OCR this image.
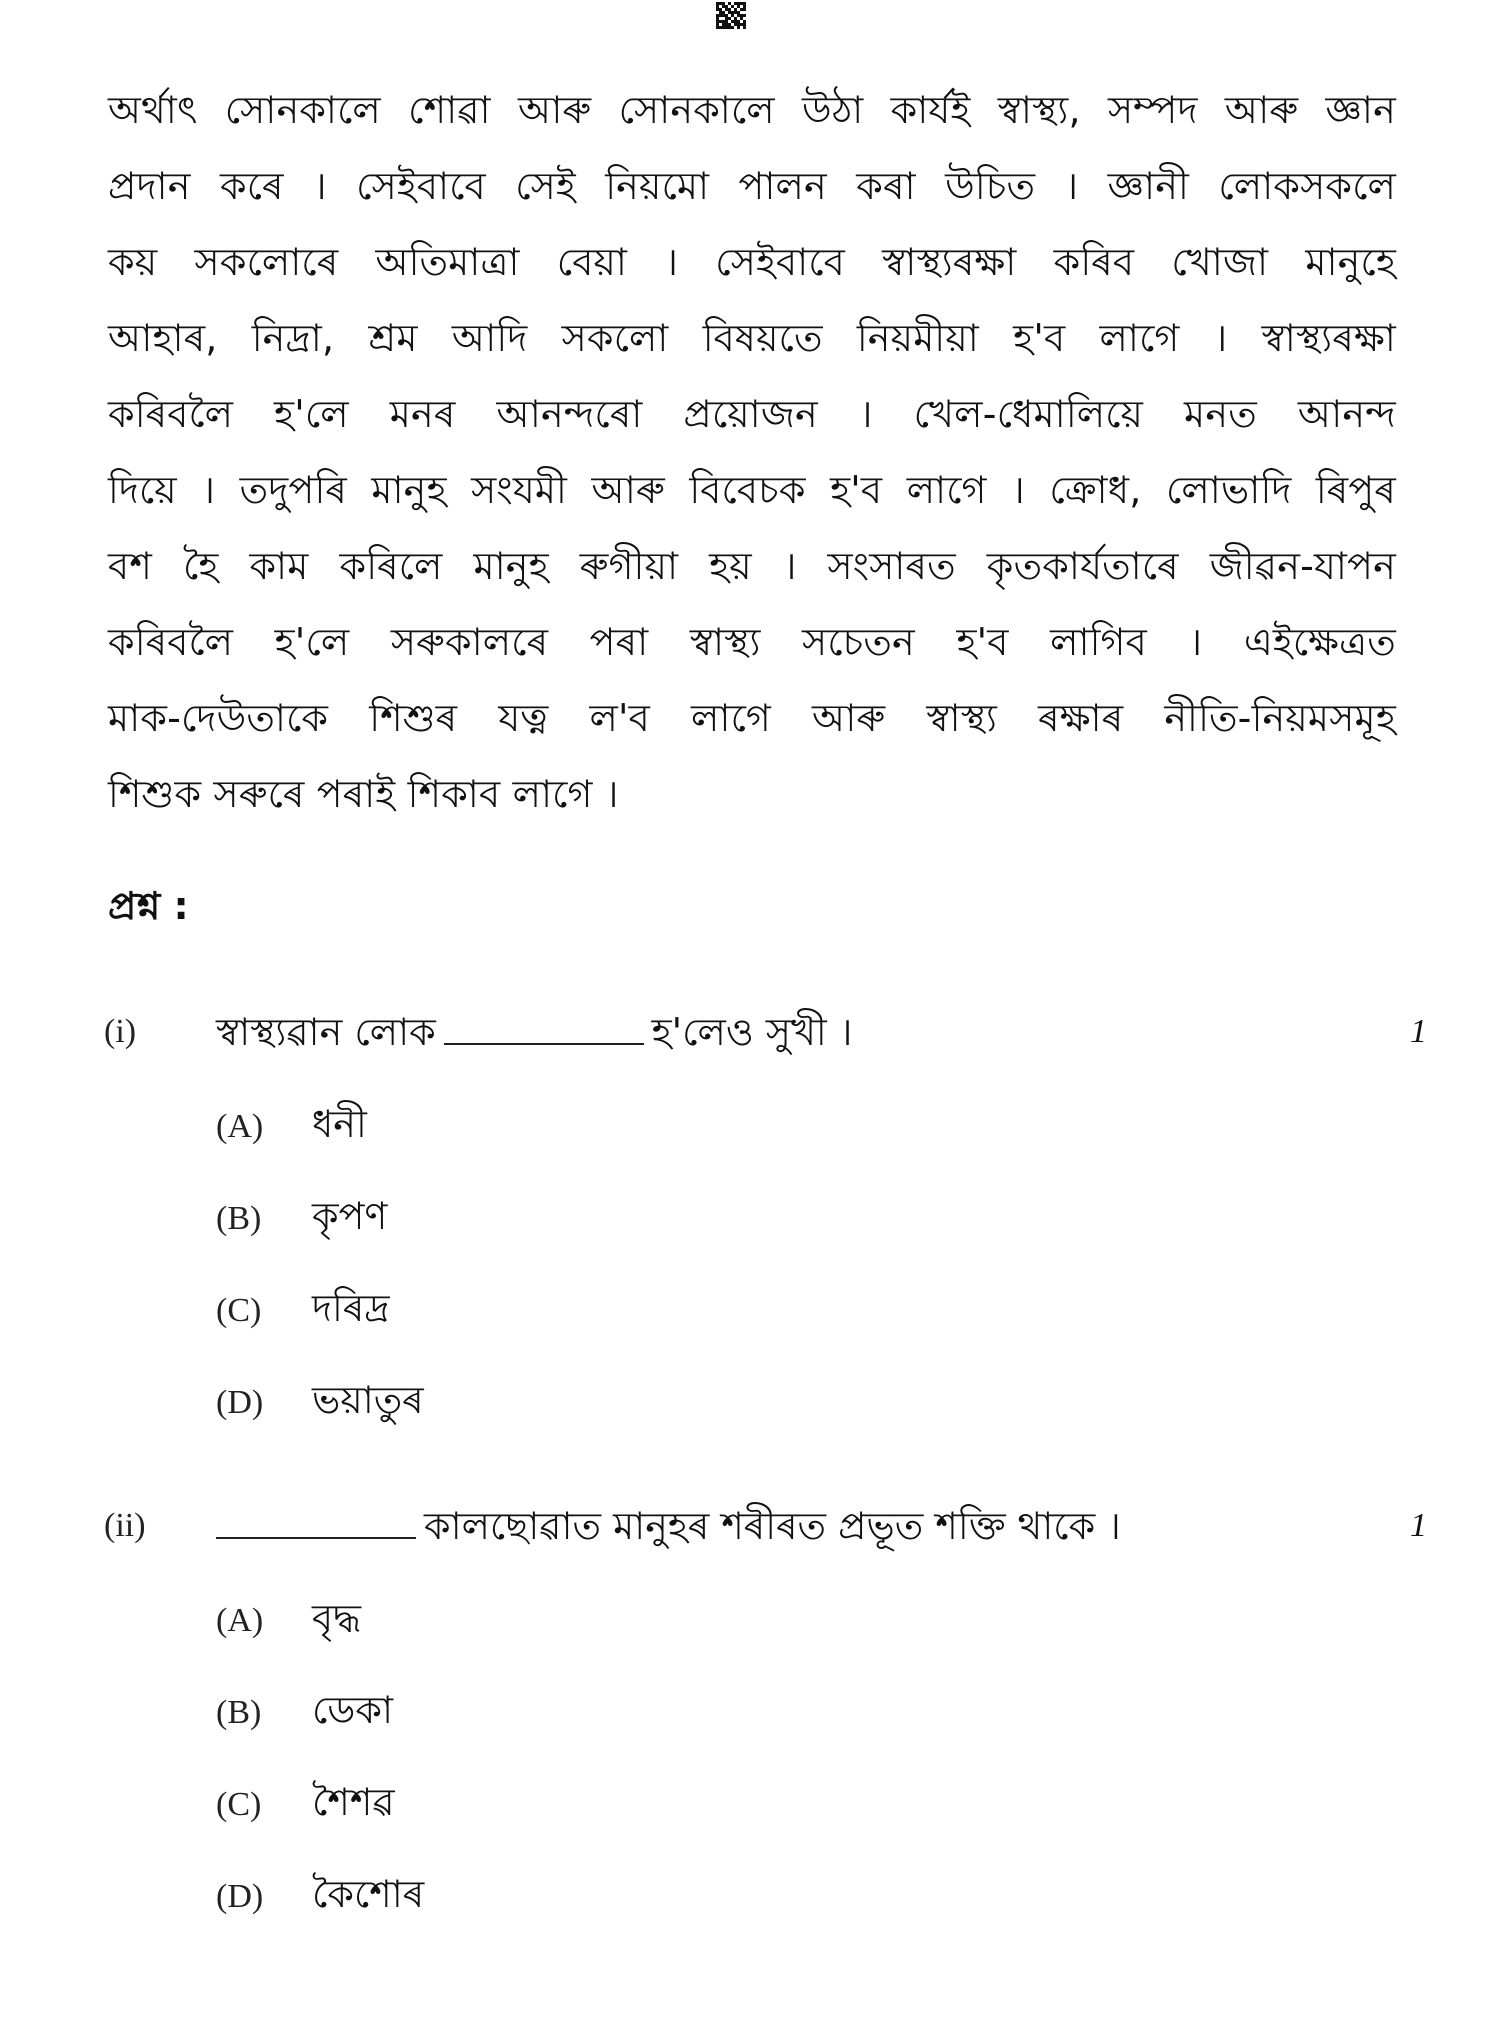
অৰ্থাৎ সোনকালে শোৱা আৰু সোনকালে উঠা কাৰ্যই স্বাস্থ্য, সম্পদ আৰু জ্ঞান
প্ৰদান কৰে । সেইবাবে সেই নিয়মো পালন কৰা উচিত । জ্ঞানী লোকসকলে
কয় সকলোৰে অতিমাত্ৰা বেয়া । সেইবাবে স্বাস্থ্যৰক্ষা কৰিব খোজা মানুহে
আহাৰ, নিদ্ৰা, শ্ৰম আদি সকলো বিষয়তে নিয়মীয়া হ'ব লাগে । স্বাস্থ্যৰক্ষা
কৰিবলৈ হ'লে মনৰ আনন্দৰো প্ৰয়োজন । খেল-ধেমালিয়ে মনত আনন্দ
দিয়ে । তদুপৰি মানুহ সংযমী আৰু বিবেচক হ'ব লাগে । ক্ৰোধ, লোভাদি ৰিপুৰ
বশ হৈ কাম কৰিলে মানুহ ৰুগীয়া হয় । সংসাৰত কৃতকাৰ্যতাৰে জীৱন-যাপন
কৰিবলৈ হ'লে সৰুকালৰে পৰা স্বাস্থ্য সচেতন হ'ব লাগিব । এইক্ষেত্ৰত
মাক-দেউতাকে শিশুৰ যত্ন ল'ব লাগে আৰু স্বাস্থ্য ৰক্ষাৰ নীতি-নিয়মসমূহ
শিশুক সৰুৰে পৰাই শিকাব লাগে ।
প্ৰশ্ন :
(i) স্বাস্থ্যৱান লোক	হ'লেও সুখী ।	1
(A) ধনী
(B) কৃপণ
(C) দৰিদ্ৰ
(D) ভয়াতুৰ
(ii)	কালছোৱাত মানুহৰ শৰীৰত প্ৰভূত শক্তি থাকে ।	1
(A) বৃদ্ধ
(B) ডেকা
(C) শৈশৱ
(D) কৈশোৰ
